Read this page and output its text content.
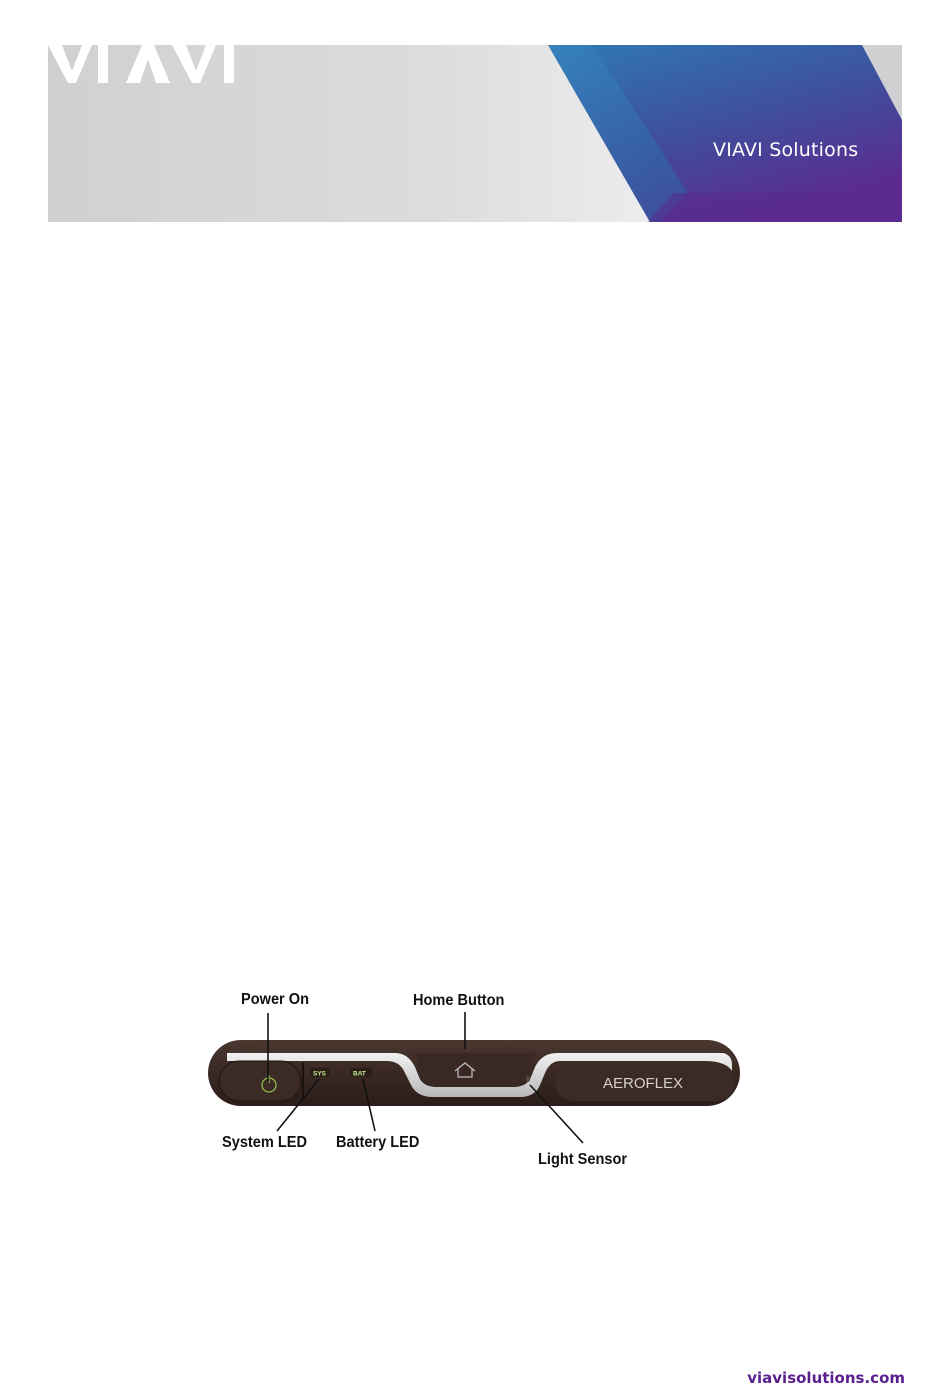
VIAVI Solutions
SYS	BAT
AEROFLEX
Power On	Home Button
System LED Battery LED
Light Sensor
viavisolutions.com
